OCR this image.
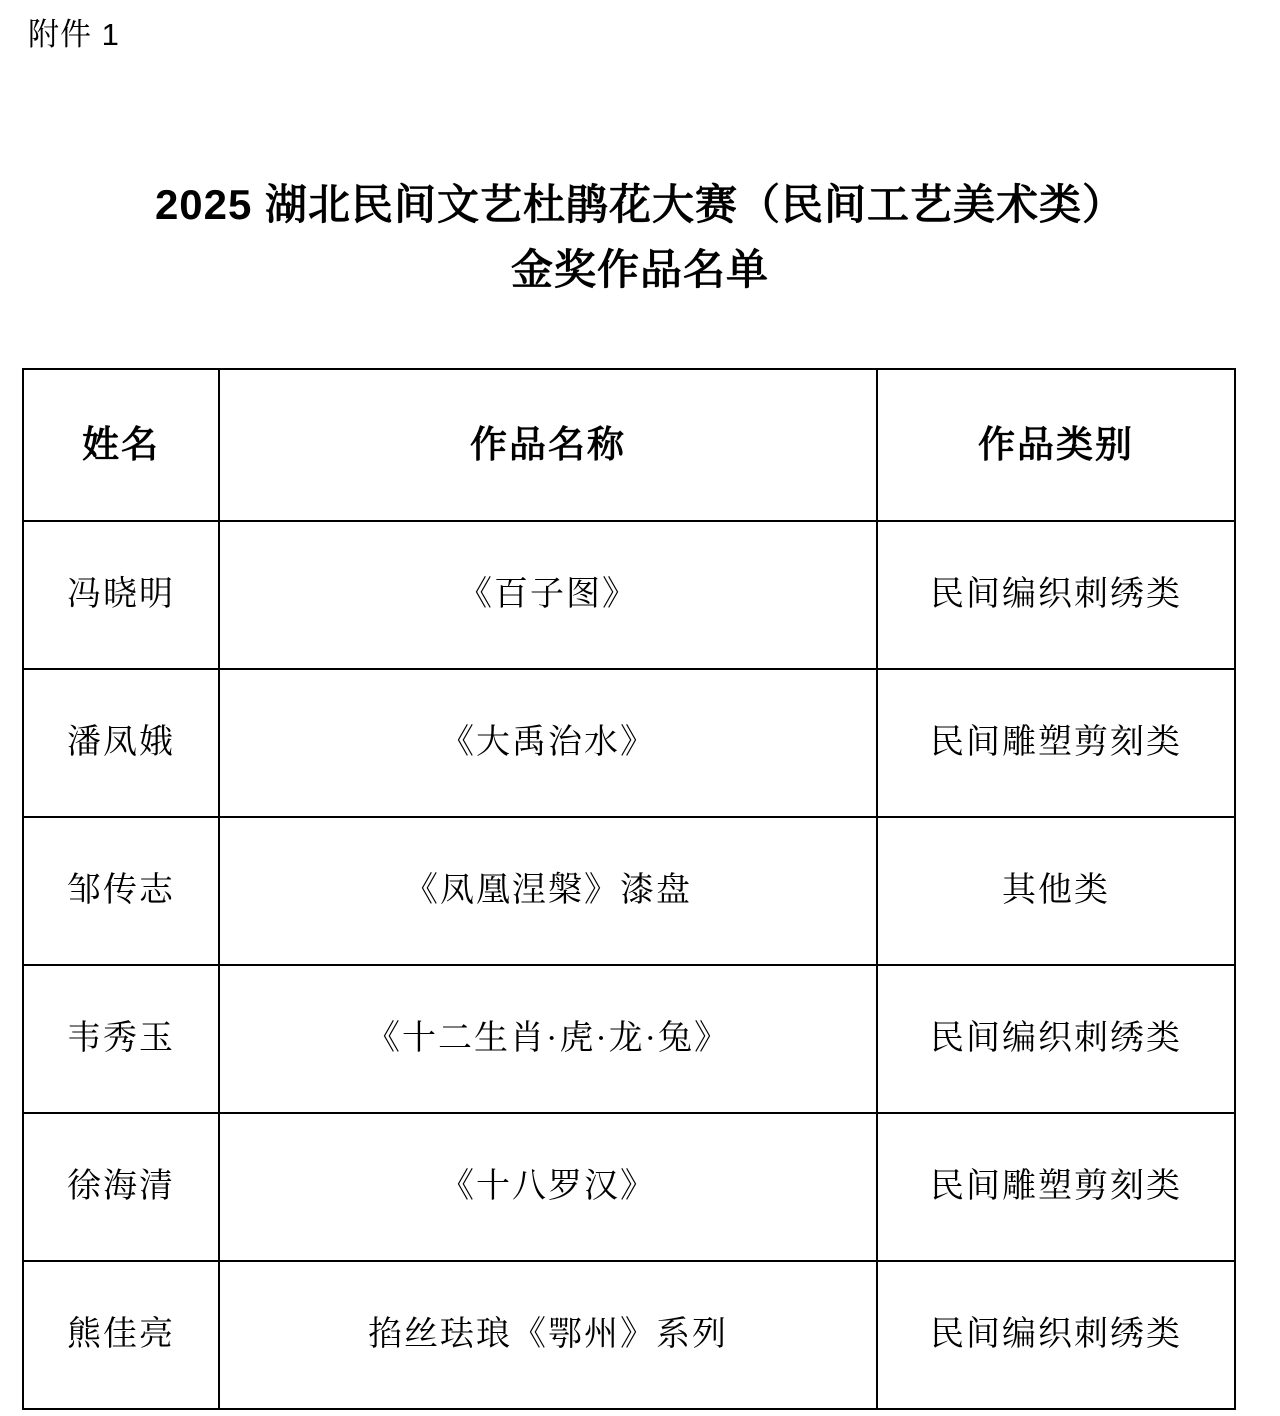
附件 1
2025 湖北民间文艺杜鹃花大赛（民间工艺美术类）
金奖作品名单
姓名	作品名称	作品类别
冯晓明	《百子图》	民间编织刺绣类
潘凤娥	《大禹治水》	民间雕塑剪刻类
邹传志	《凤凰涅槃》漆盘	其他类
韦秀玉	《十二生肖·虎·龙·兔》	民间编织刺绣类
徐海清	《十八罗汉》	民间雕塑剪刻类
熊佳亮	掐丝珐琅《鄂州》系列	民间编织刺绣类
